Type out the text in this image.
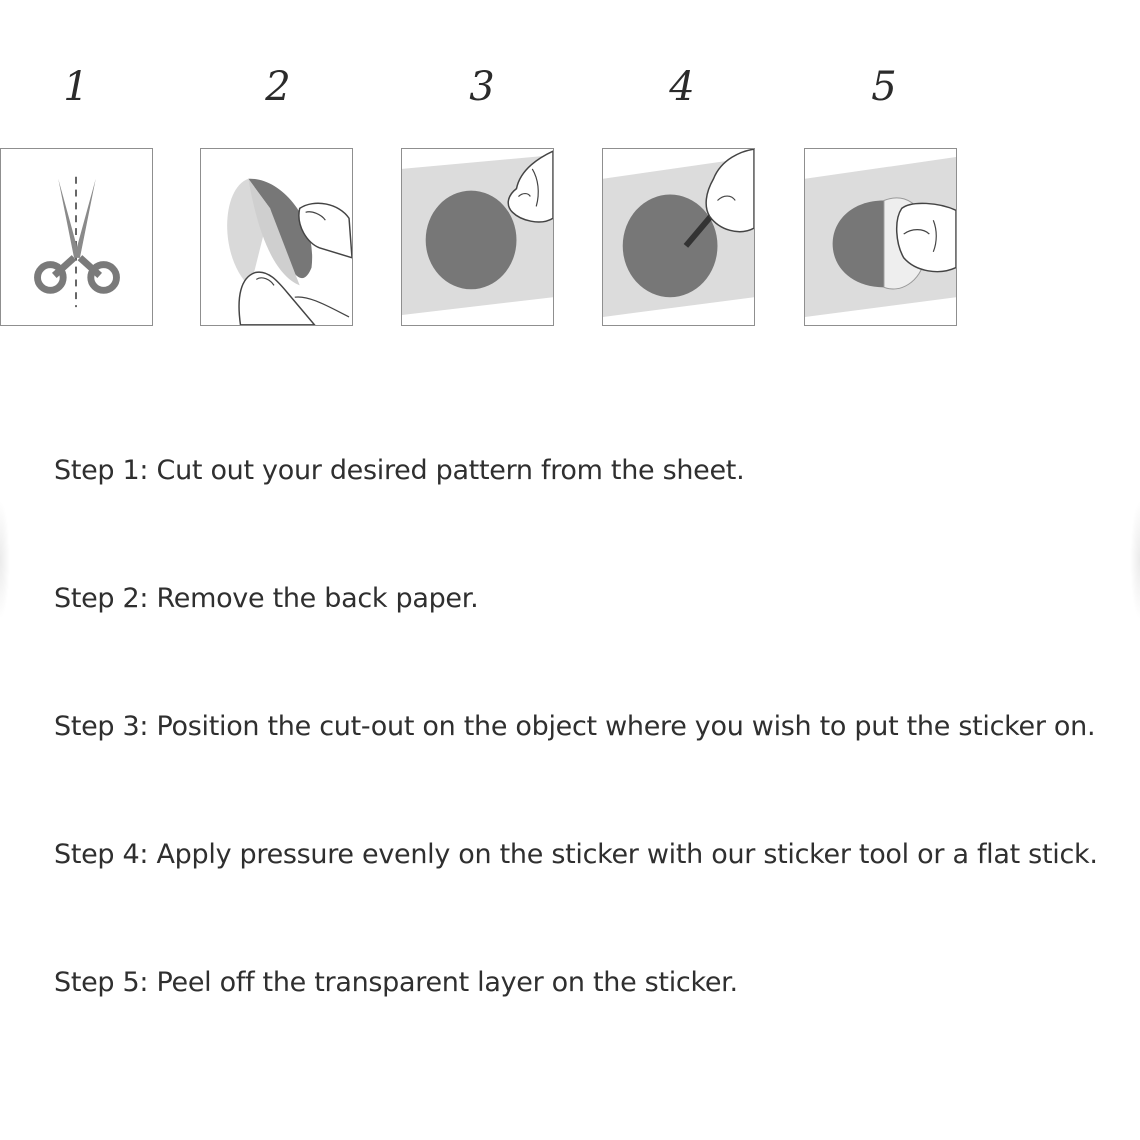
1	2	3	4	5
Step 1: Cut out your desired pattern from the sheet.
Step 2: Remove the back paper.
Step 3: Position the cut-out on the object where you wish to put the sticker on.
Step 4: Apply pressure evenly on the sticker with our sticker tool or a flat stick.
Step 5: Peel off the transparent layer on the sticker.
